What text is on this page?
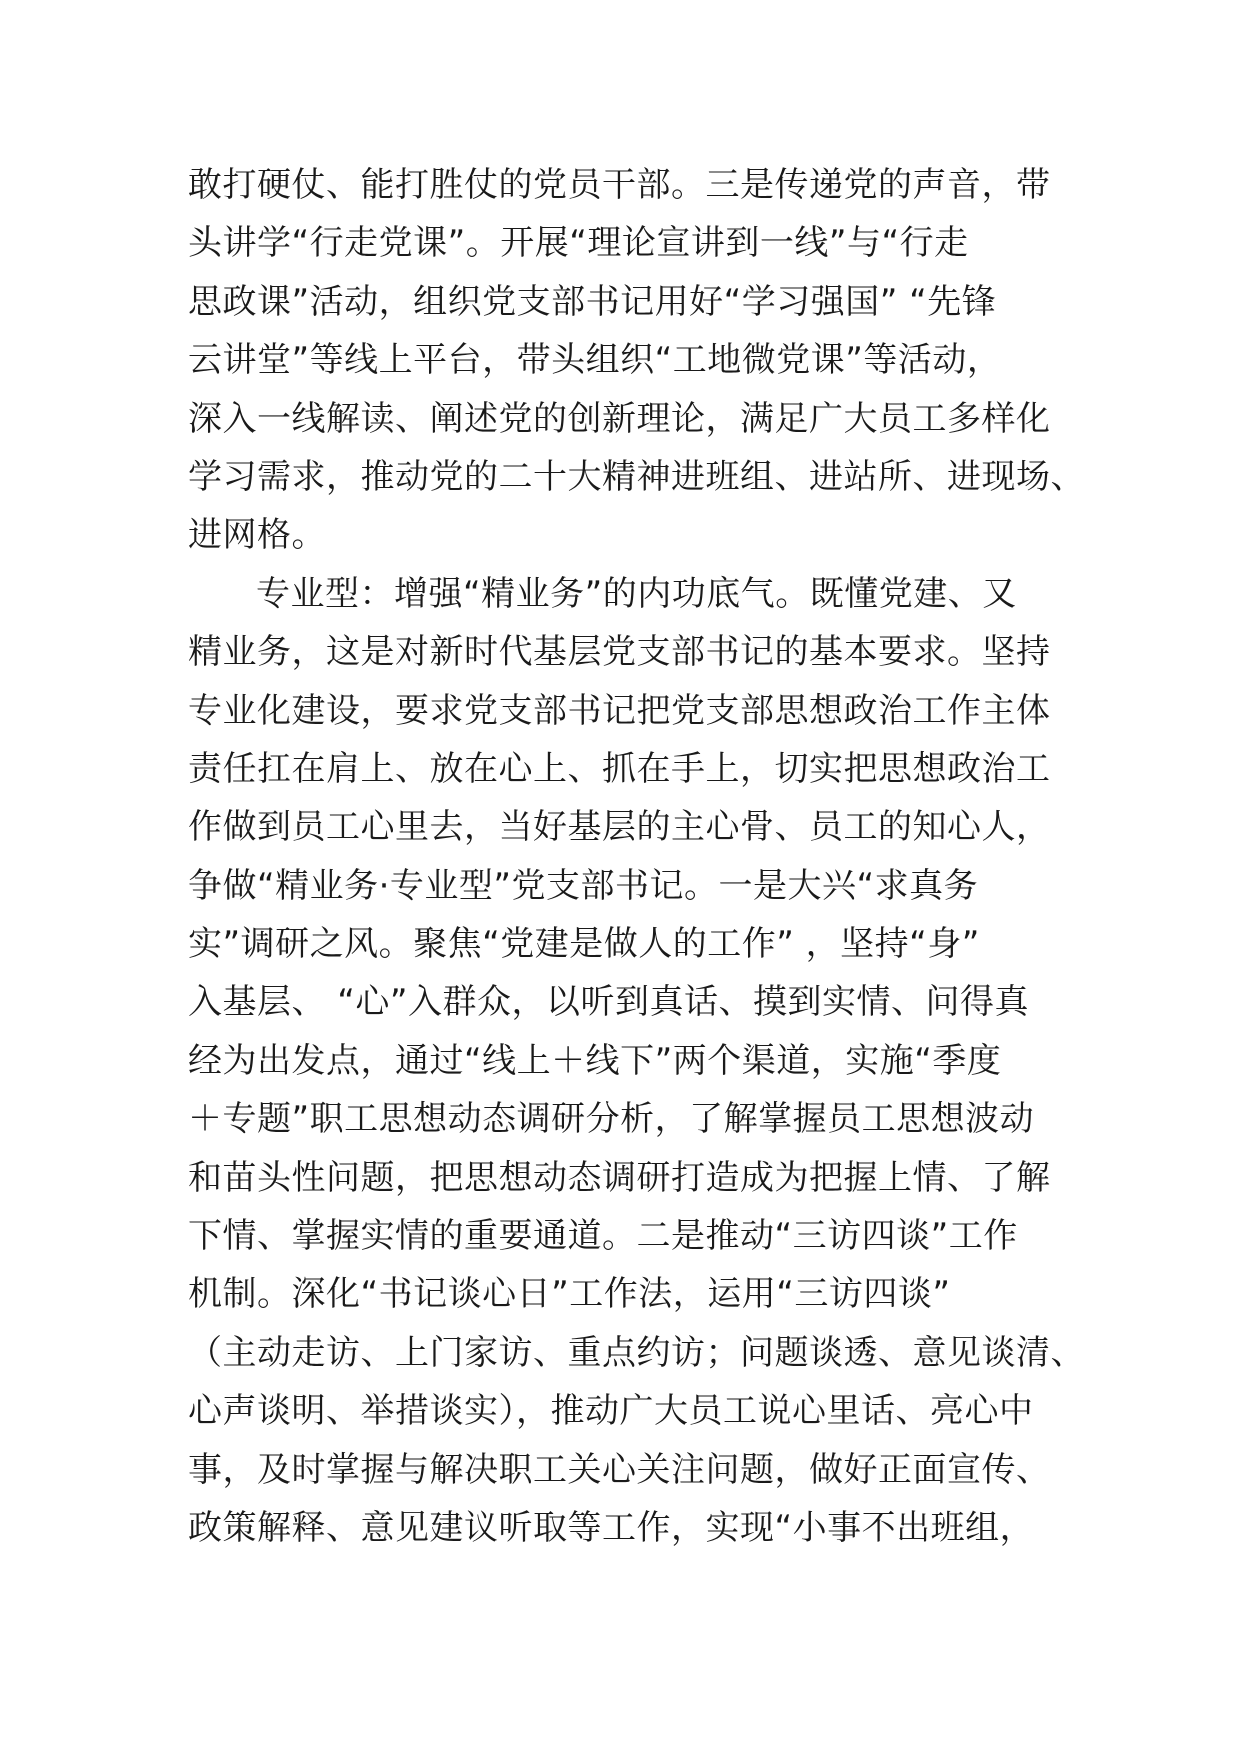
敢打硬仗、能打胜仗的党员干部。三是传递党的声音，带
头讲学“行走党课”。开展“理论宣讲到一线”与“行走
思政课”活动，组织党支部书记用好“学习强国” “先锋
云讲堂”等线上平台，带头组织“工地微党课”等活动，
深入一线解读、阐述党的创新理论，满足广大员工多样化
学习需求，推动党的二十大精神进班组、进站所、进现场、
进网格。
专业型：增强“精业务”的内功底气。既懂党建、又
精业务，这是对新时代基层党支部书记的基本要求。坚持
专业化建设，要求党支部书记把党支部思想政治工作主体
责任扛在肩上、放在心上、抓在手上，切实把思想政治工
作做到员工心里去，当好基层的主心骨、员工的知心人，
争做“精业务·专业型”党支部书记。一是大兴“求真务
实”调研之风。聚焦“党建是做人的工作” ，坚持“身”
入基层、 “心”入群众，以听到真话、摸到实情、问得真
经为出发点，通过“线上＋线下”两个渠道，实施“季度
＋专题”职工思想动态调研分析，了解掌握员工思想波动
和苗头性问题，把思想动态调研打造成为把握上情、了解
下情、掌握实情的重要通道。二是推动“三访四谈”工作
机制。深化“书记谈心日”工作法，运用“三访四谈”
（主动走访、上门家访、重点约访；问题谈透、意见谈清、
心声谈明、举措谈实），推动广大员工说心里话、亮心中
事，及时掌握与解决职工关心关注问题，做好正面宣传、
政策解释、意见建议听取等工作，实现“小事不出班组，
